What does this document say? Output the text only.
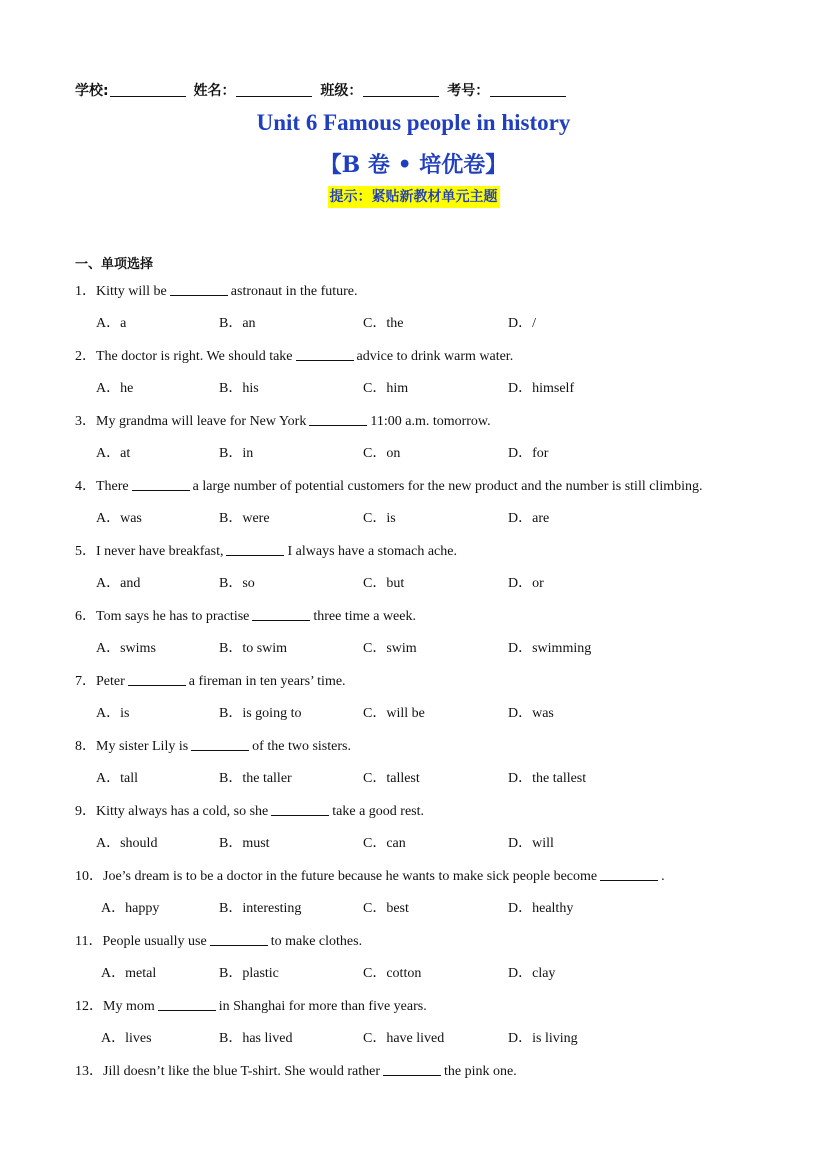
学校:	姓名：	班级：	考号：
Unit 6 Famous people in history
【B 卷 • 培优卷】
提示：紧贴新教材单元主题
一、单项选择
1．Kitty will be	astronaut in the future.
A．a	B．an	C．the	D．/
2．The doctor is right. We should take	advice to drink warm water.
A．he	B．his	C．him	D．himself
3．My grandma will leave for New York	11:00 a.m. tomorrow.
A．at	B．in	C．on	D．for
4．There	a large number of potential customers for the new product and the number is still climbing.
A．was	B．were	C．is	D．are
5．I never have breakfast,	I always have a stomach ache.
A．and	B．so	C．but	D．or
6．Tom says he has to practise	three time a week.
A．swims	B．to swim	C．swim	D．swimming
7．Peter	a fireman in ten years’ time.
A．is	B．is going to	C．will be	D．was
8．My sister Lily is	of the two sisters.
A．tall	B．the taller	C．tallest	D．the tallest
9．Kitty always has a cold, so she	take a good rest.
A．should	B．must	C．can	D．will
10．Joe’s dream is to be a doctor in the future because he wants to make sick people become	.
A．happy	B．interesting	C．best	D．healthy
11．People usually use	to make clothes.
A．metal	B．plastic	C．cotton	D．clay
12．My mom	in Shanghai for more than five years.
A．lives	B．has lived	C．have lived	D．is living
13．Jill doesn’t like the blue T-shirt. She would rather	the pink one.
